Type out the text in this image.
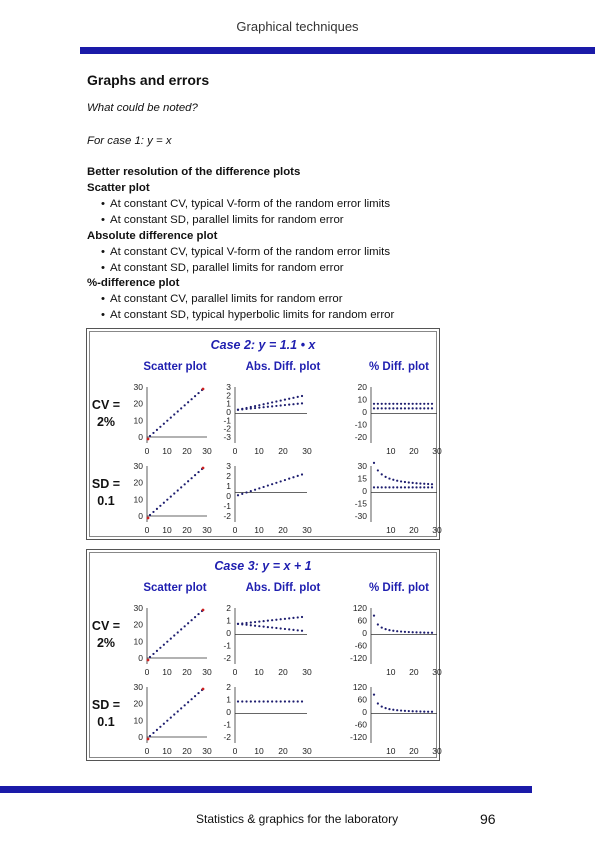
Graphical techniques
Graphs and errors
What could be noted?
For case 1: y = x
Better resolution of the difference plots
Scatter plot
• At constant CV, typical V-form of the random error limits
• At constant SD, parallel limits for random error
Absolute difference plot
• At constant CV, typical V-form of the random error limits
• At constant SD, parallel limits for random error
%-difference plot
• At constant CV, parallel limits for random error
• At constant SD, typical hyperbolic limits for random error
Case 2: y = 1.1 • x
Scatter plot	Abs. Diff. plot	% Diff. plot
CV =
2%
30
20
10
0
0 10 20 30
3
2
1
0
-1
-2
-3
0 10 20 30
20
10
0
-10
-20
10 20 30
SD =
0.1
30
20
10
0
0 10 20 30
3
2
1
0
-1
-2
0 10 20 30
30
15
0
-15
-30
10 20 30
Case 3: y = x + 1
Scatter plot	Abs. Diff. plot	% Diff. plot
CV =
2%
30
20
10
0
0 10 20 30
2
1
0
-1
-2
0 10 20 30
120
60
0
-60
-120
10 20 30
SD =
0.1
30
20
10
0
0 10 20 30
2
1
0
-1
-2
0 10 20 30
120
60
0
-60
-120
10 20 30
Statistics & graphics for the laboratory	96
